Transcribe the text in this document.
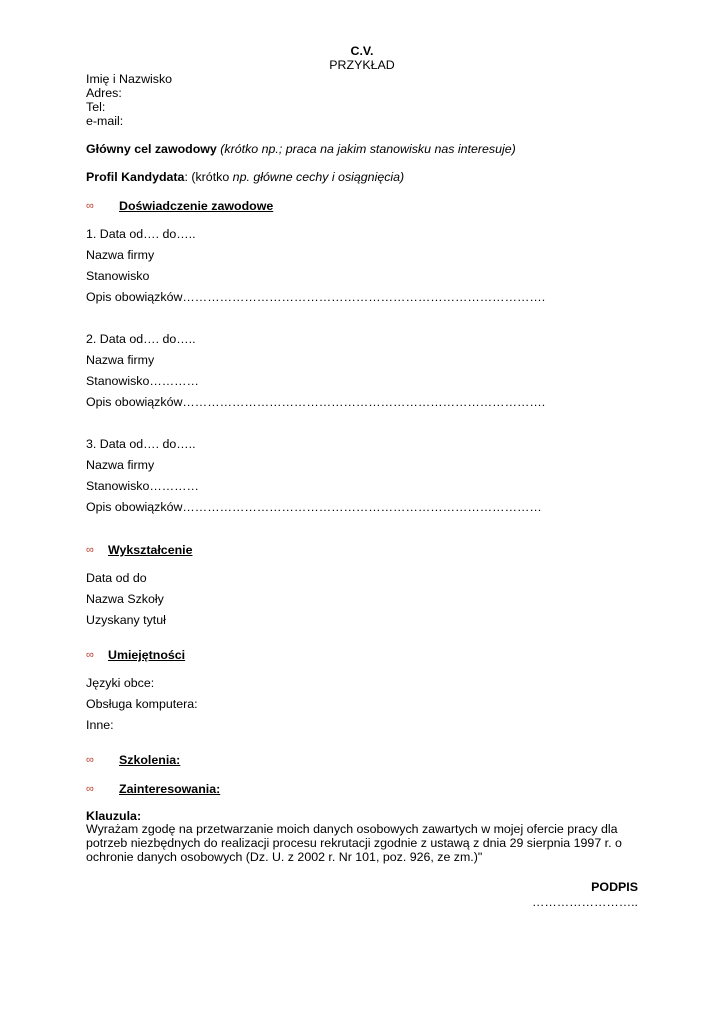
C.V.
PRZYKŁAD
Imię i Nazwisko
Adres:
Tel:
e-mail:
Główny cel zawodowy (krótko np.; praca na jakim stanowisku nas interesuje)
Profil Kandydata: (krótko np. główne cechy i osiągnięcia)
∞ Doświadczenie zawodowe
1. Data od…. do…..
Nazwa firmy
Stanowisko
Opis obowiązków…………………………………………………………………………….
2. Data od…. do…..
Nazwa firmy
Stanowisko…………
Opis obowiązków…………………………………………………………………………….
3. Data od…. do…..
Nazwa firmy
Stanowisko…………
Opis obowiązków……………………………………………………………………………
∞ Wykształcenie
Data od do
Nazwa Szkoły
Uzyskany tytuł
∞ Umiejętności
Języki obce:
Obsługa komputera:
Inne:
∞ Szkolenia:
∞ Zainteresowania:
Klauzula:
Wyrażam zgodę na przetwarzanie moich danych osobowych zawartych w mojej ofercie pracy dla potrzeb niezbędnych do realizacji procesu rekrutacji zgodnie z ustawą z dnia 29 sierpnia 1997 r. o ochronie danych osobowych (Dz. U. z 2002 r. Nr 101, poz. 926, ze zm.)"
PODPIS
……………………..
